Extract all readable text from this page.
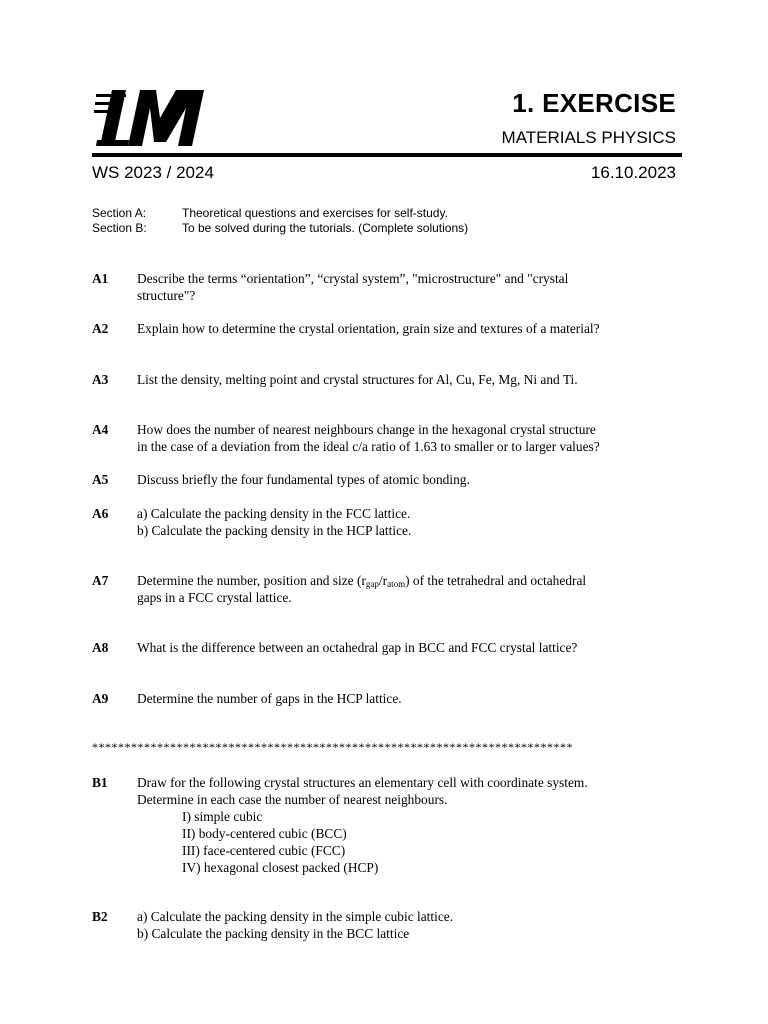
1. EXERCISE
MATERIALS PHYSICS
WS 2023 / 2024	16.10.2023
Section A:	Theoretical questions and exercises for self-study.
Section B:	To be solved during the tutorials. (Complete solutions)
A1	Describe the terms “orientation”, “crystal system”, "microstructure" and "crystal
structure"?
A2	Explain how to determine the crystal orientation, grain size and textures of a material?
A3	List the density, melting point and crystal structures for Al, Cu, Fe, Mg, Ni and Ti.
A4	How does the number of nearest neighbours change in the hexagonal crystal structure
in the case of a deviation from the ideal c/a ratio of 1.63 to smaller or to larger values?
A5	Discuss briefly the four fundamental types of atomic bonding.
A6	a) Calculate the packing density in the FCC lattice.
b) Calculate the packing density in the HCP lattice.
A7	Determine the number, position and size $(r_{gap}/r_{atom})$ of the tetrahedral and octahedral
gaps in a FCC crystal lattice.
A8	What is the difference between an octahedral gap in BCC and FCC crystal lattice?
A9	Determine the number of gaps in the HCP lattice.
**************************************************************************
B1	Draw for the following crystal structures an elementary cell with coordinate system.
Determine in each case the number of nearest neighbours.
I) simple cubic
II) body-centered cubic (BCC)
III) face-centered cubic (FCC)
IV) hexagonal closest packed (HCP)
B2	a) Calculate the packing density in the simple cubic lattice.
b) Calculate the packing density in the BCC lattice
